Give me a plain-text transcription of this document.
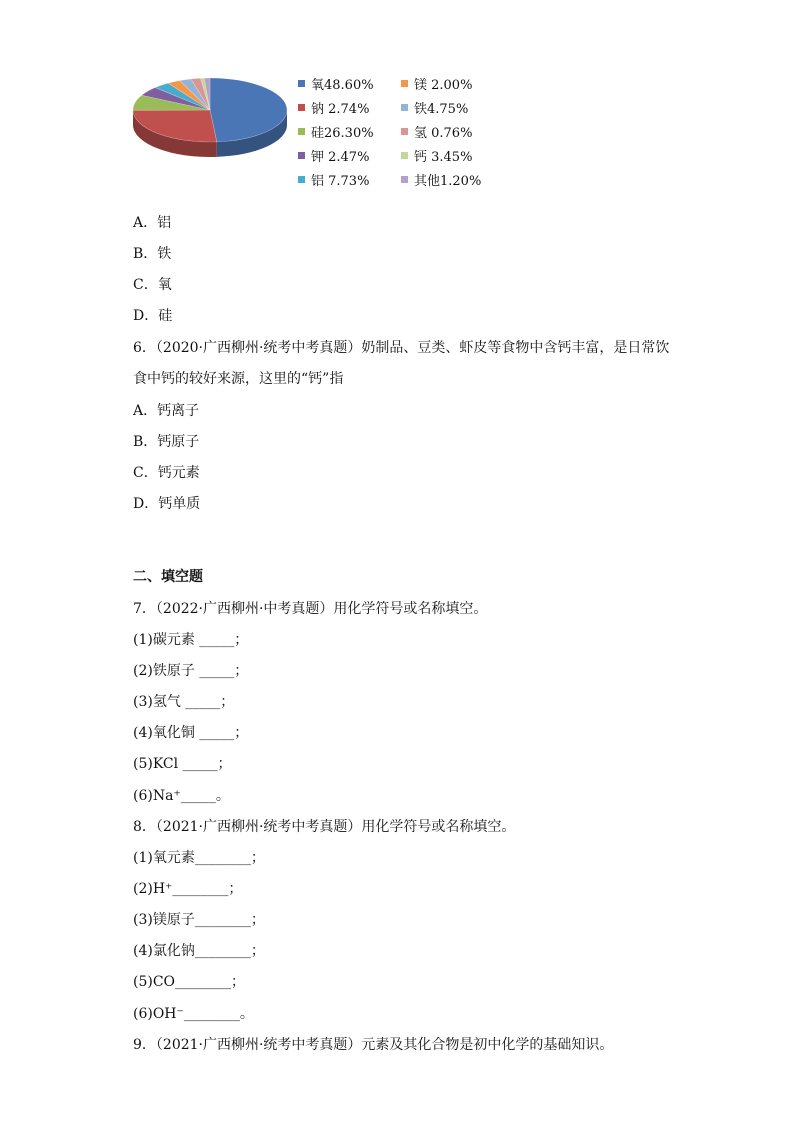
氧48.60%	镁 2.00%
钠 2.74%	铁4.75%
硅26.30%	氢 0.76%
钾 2.47%	钙 3.45%
铝 7.73%	其他1.20%
A．铝
B．铁
C．氧
D．硅
6．（2020·广西柳州·统考中考真题）奶制品、豆类、虾皮等食物中含钙丰富，是日常饮
食中钙的较好来源，这里的“钙”指
A．钙离子
B．钙原子
C．钙元素
D．钙单质
二、填空题
7．（2022·广西柳州·中考真题）用化学符号或名称填空。
(1)碳元素 _____；
(2)铁原子 _____；
(3)氢气 _____；
(4)氧化铜 _____；
(5)KCl _____；
(6)Na⁺_____。
8．（2021·广西柳州·统考中考真题）用化学符号或名称填空。
(1)氧元素________；
(2)H⁺________；
(3)镁原子________；
(4)氯化钠________；
(5)CO________；
(6)OH⁻________。
9．（2021·广西柳州·统考中考真题）元素及其化合物是初中化学的基础知识。
